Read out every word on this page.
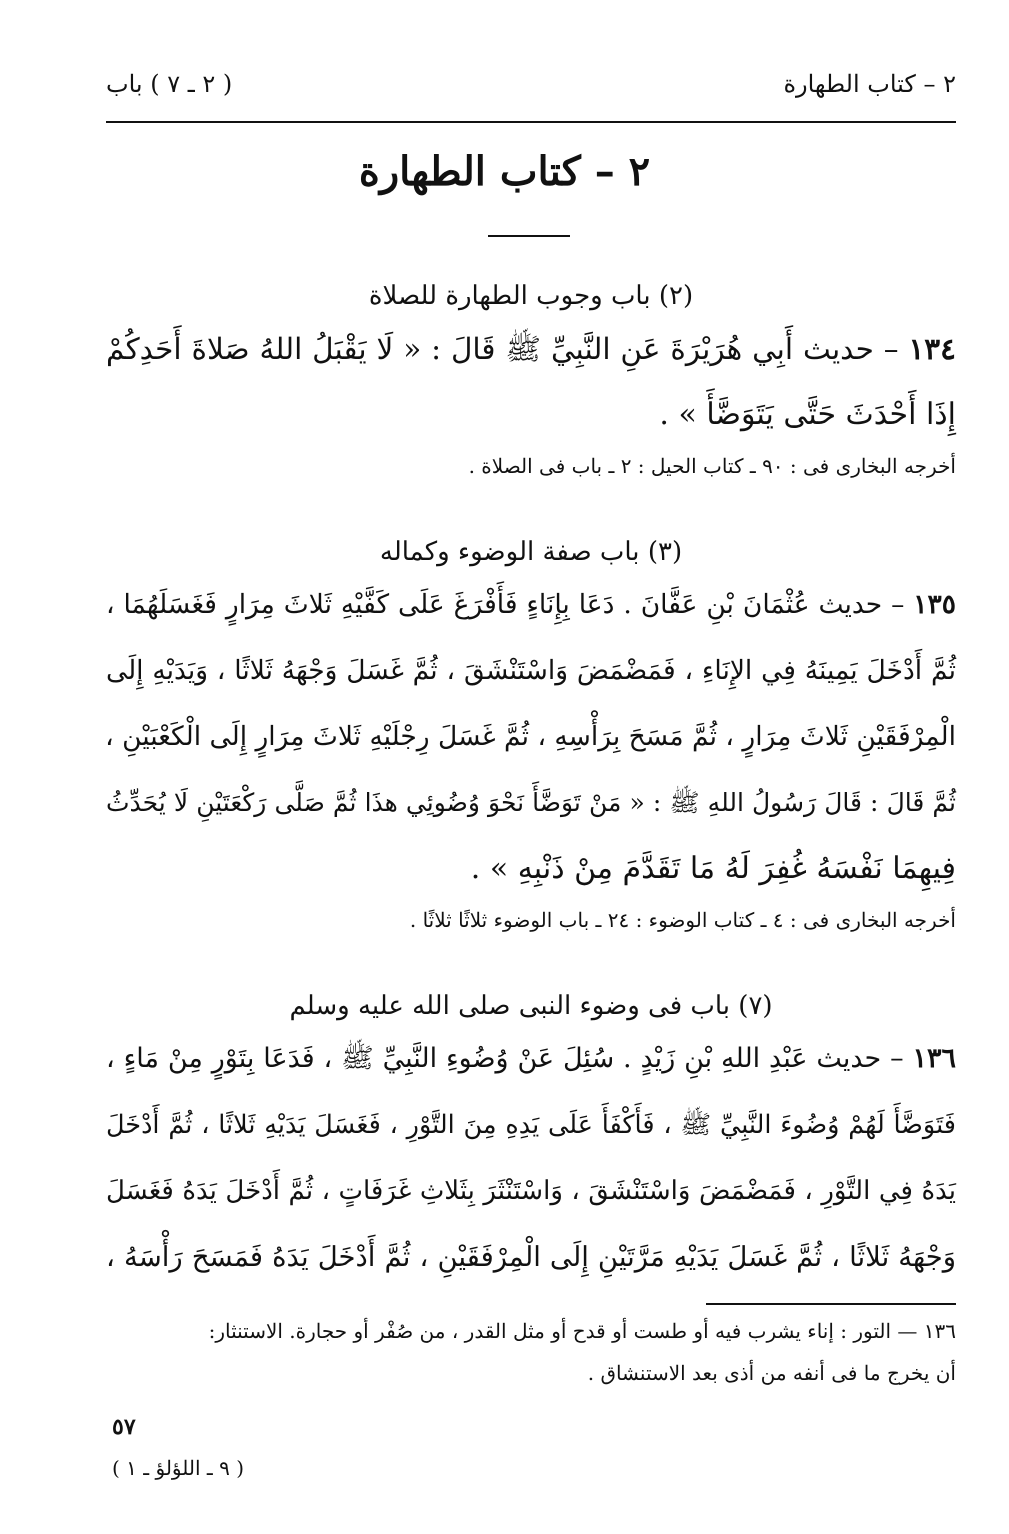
٢ – كتاب الطهارة
( ٢ ـ ٧ ) باب
٢ – كتاب الطهارة
(٢) باب وجوب الطهارة للصلاة
١٣٤ – حديث أَبِي هُرَيْرَةَ عَنِ النَّبِيِّ ﷺ قَالَ : « لَا يَقْبَلُ اللهُ صَلاةَ أَحَدِكُمْ
إِذَا أَحْدَثَ حَتَّى يَتَوَضَّأَ » .
أخرجه البخارى فى : ٩٠ ـ كتاب الحيل : ٢ ـ باب فى الصلاة .
(٣) باب صفة الوضوء وكماله
١٣٥ – حديث عُثْمَانَ بْنِ عَفَّانَ . دَعَا بِإِنَاءٍ فَأَفْرَغَ عَلَى كَفَّيْهِ ثَلاثَ مِرَارٍ فَغَسَلَهُمَا ،
ثُمَّ أَدْخَلَ يَمِينَهُ فِي الإِنَاءِ ، فَمَضْمَضَ وَاسْتَنْشَقَ ، ثُمَّ غَسَلَ وَجْهَهُ ثَلاثًا ، وَيَدَيْهِ إِلَى
الْمِرْفَقَيْنِ ثَلاثَ مِرَارٍ ، ثُمَّ مَسَحَ بِرَأْسِهِ ، ثُمَّ غَسَلَ رِجْلَيْهِ ثَلاثَ مِرَارٍ إِلَى الْكَعْبَيْنِ ،
ثُمَّ قَالَ : قَالَ رَسُولُ اللهِ ﷺ : « مَنْ تَوَضَّأَ نَحْوَ وُضُوئِي هذَا ثُمَّ صَلَّى رَكْعَتَيْنِ لَا يُحَدِّثُ
فِيهِمَا نَفْسَهُ غُفِرَ لَهُ مَا تَقَدَّمَ مِنْ ذَنْبِهِ » .
أخرجه البخارى فى : ٤ ـ كتاب الوضوء : ٢٤ ـ باب الوضوء ثلاثًا ثلاثًا .
(٧) باب فى وضوء النبى صلى الله عليه وسلم
١٣٦ – حديث عَبْدِ اللهِ بْنِ زَيْدٍ . سُئِلَ عَنْ وُضُوءِ النَّبِيِّ ﷺ ، فَدَعَا بِتَوْرٍ مِنْ مَاءٍ ،
فَتَوَضَّأَ لَهُمْ وُضُوءَ النَّبِيِّ ﷺ ، فَأَكْفَأَ عَلَى يَدِهِ مِنَ التَّوْرِ ، فَغَسَلَ يَدَيْهِ ثَلاثًا ، ثُمَّ أَدْخَلَ
يَدَهُ فِي التَّوْرِ ، فَمَضْمَضَ وَاسْتَنْشَقَ ، وَاسْتَنْثَرَ بِثَلاثِ غَرَفَاتٍ ، ثُمَّ أَدْخَلَ يَدَهُ فَغَسَلَ
وَجْهَهُ ثَلاثًا ، ثُمَّ غَسَلَ يَدَيْهِ مَرَّتَيْنِ إِلَى الْمِرْفَقَيْنِ ، ثُمَّ أَدْخَلَ يَدَهُ فَمَسَحَ رَأْسَهُ ،
١٣٦ — التور : إناء يشرب فيه أو طست أو قدح أو مثل القدر ، من صُفْر أو حجارة. الاستنثار:
أن يخرج ما فى أنفه من أذى بعد الاستنشاق .
٥٧
( ٩ ـ اللؤلؤ ـ ١ )
